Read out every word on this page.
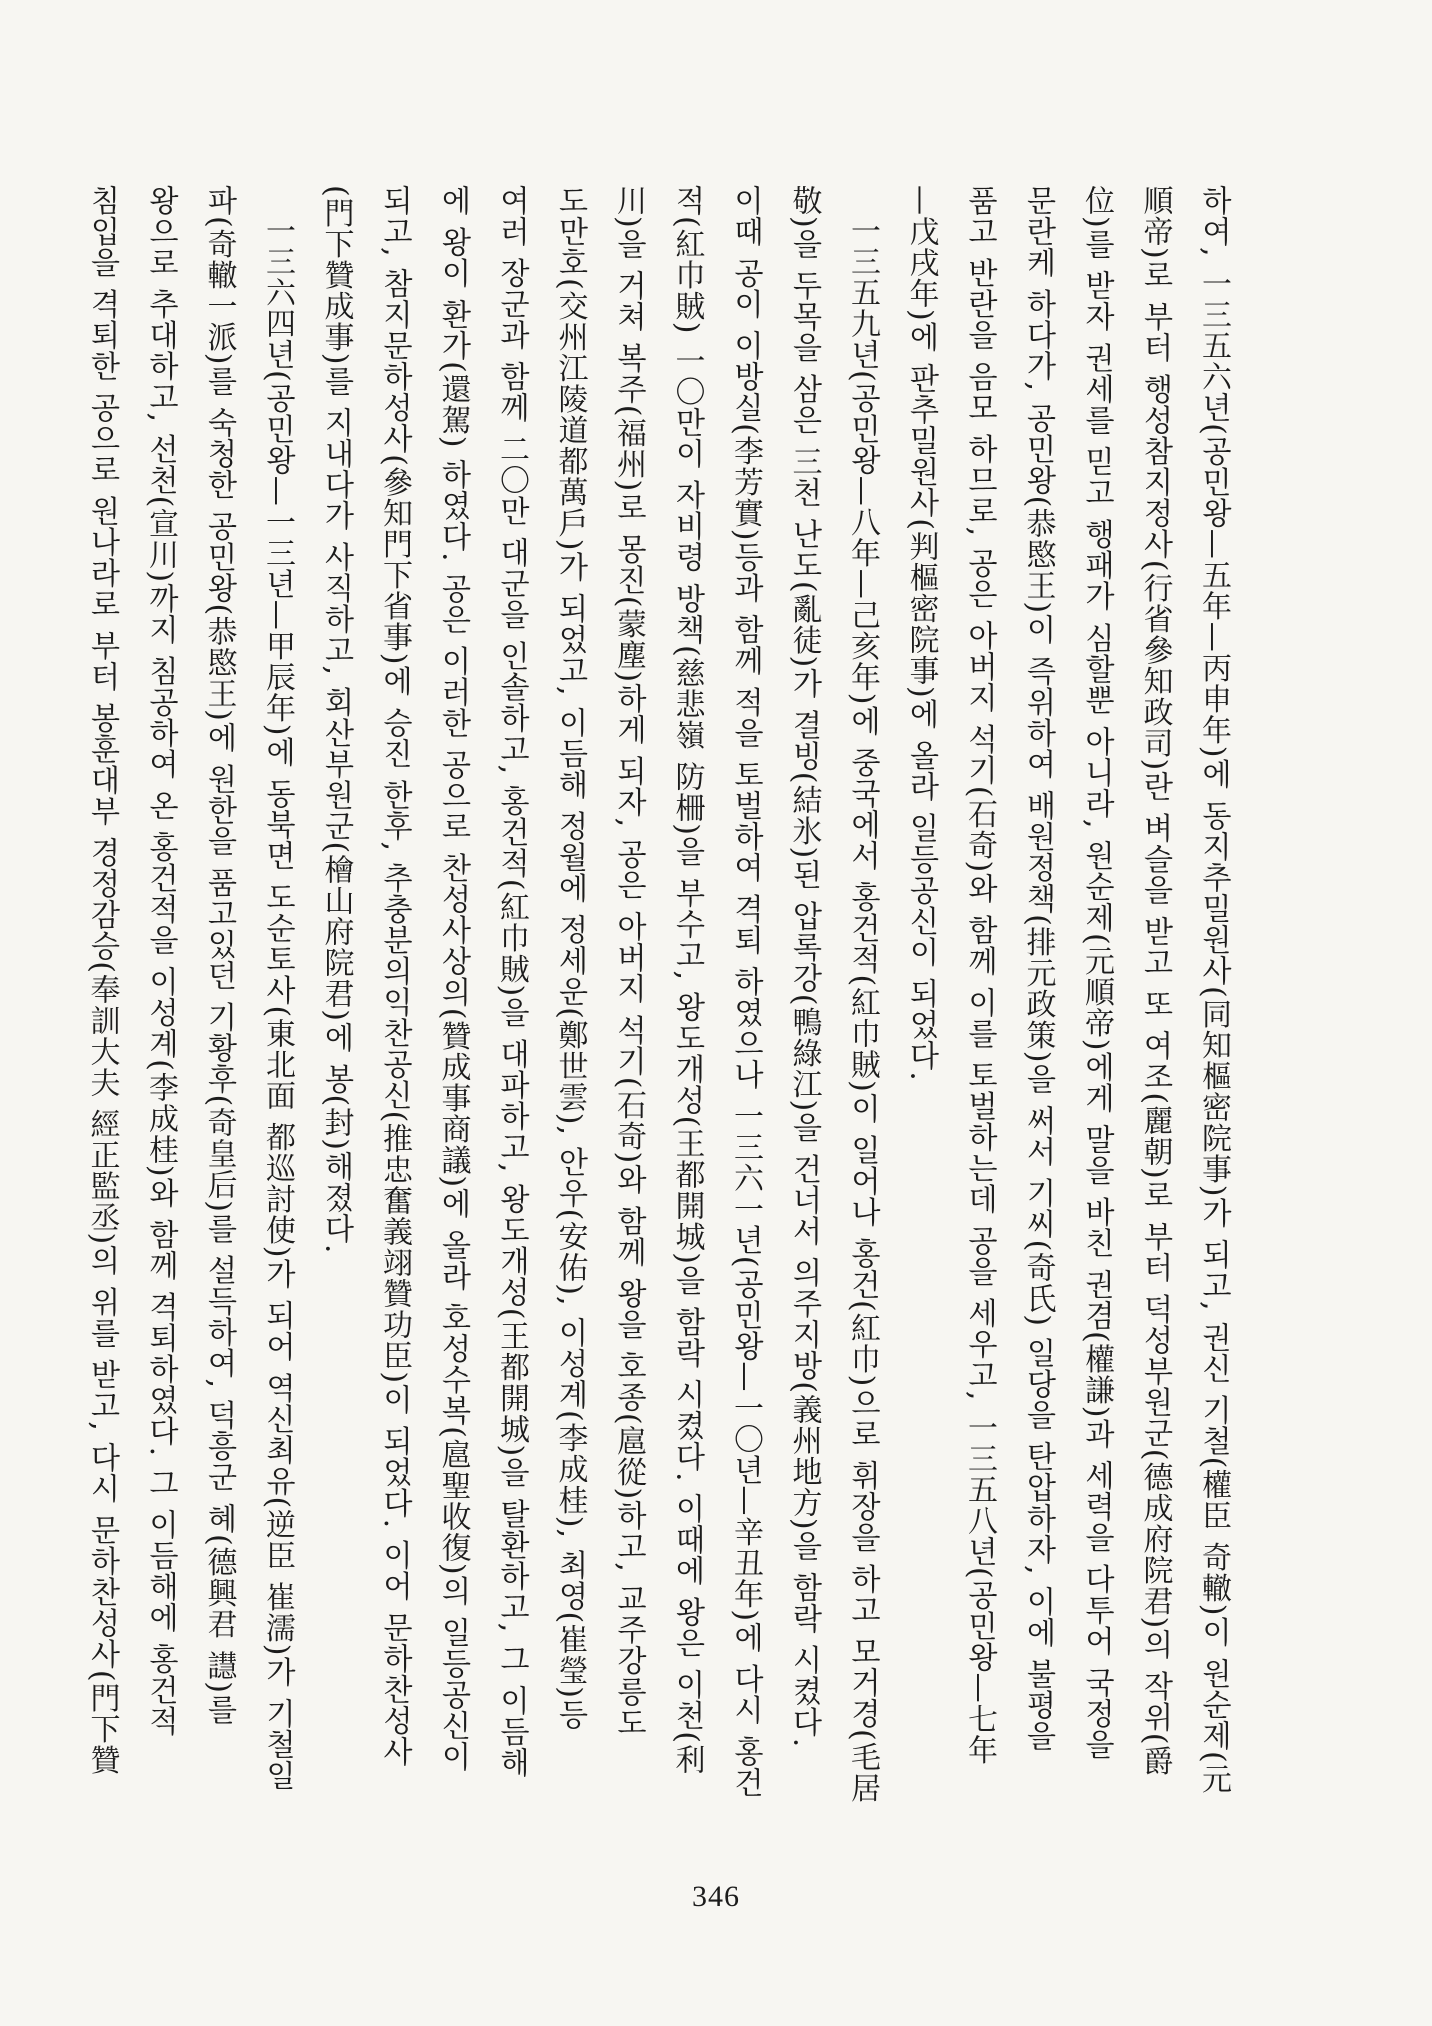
하여, 一三五六년(공민왕—五年—丙申年)에 동지추밀원사(同知樞密院事)가 되고, 권신 기철(權臣 奇轍)이 원순제(元
順帝)로 부터 행성참지정사(行省參知政司)란 벼슬을 받고 또 여조(麗朝)로 부터 덕성부원군(德成府院君)의 작위(爵
位)를 받자 권세를 믿고 행패가 심할뿐 아니라, 원순제(元順帝)에게 말을 바친 권겸(權謙)과 세력을 다투어 국정을
문란케 하다가, 공민왕(恭愍王)이 즉위하여 배원정책(排元政策)을 써서 기씨(奇氏) 일당을 탄압하자, 이에 불평을
품고 반란을 음모 하므로, 공은 아버지 석기(石奇)와 함께 이를 토벌하는데 공을 세우고, 一三五八년(공민왕—七年
—戊戌年)에 판추밀원사(判樞密院事)에 올라 일등공신이 되었다.
一三五九년(공민왕—八年—己亥年)에 중국에서 홍건적(紅巾賊)이 일어나 홍건(紅巾)으로 휘장을 하고 모거경(毛居
敬)을 두목을 삼은 三천 난도(亂徒)가 결빙(結氷)된 압록강(鴨綠江)을 건너서 의주지방(義州地方)을 함락 시켰다.
이때 공이 이방실(李芳實)등과 함께 적을 토벌하여 격퇴 하였으나 一三六一년(공민왕—一〇년—辛丑年)에 다시 홍건
적(紅巾賊) 一〇만이 자비령 방책(慈悲嶺 防柵)을 부수고, 왕도개성(王都開城)을 함락 시켰다. 이때에 왕은 이천(利
川)을 거쳐 복주(福州)로 몽진(蒙塵)하게 되자, 공은 아버지 석기(石奇)와 함께 왕을 호종(扈從)하고, 교주강릉도
도만호(交州江陵道都萬戶)가 되었고, 이듬해 정월에 정세운(鄭世雲), 안우(安佑), 이성계(李成桂), 최영(崔瑩)등
여러 장군과 함께 二〇만 대군을 인솔하고, 홍건적(紅巾賊)을 대파하고, 왕도개성(王都開城)을 탈환하고, 그 이듬해
에 왕이 환가(還駕) 하였다. 공은 이러한 공으로 찬성사상의(贊成事商議)에 올라 호성수복(扈聖收復)의 일등공신이
되고, 참지문하성사(參知門下省事)에 승진 한후, 추충분의익찬공신(推忠奮義翊贊功臣)이 되었다. 이어 문하찬성사
(門下贊成事)를 지내다가 사직하고, 회산부원군(檜山府院君)에 봉(封)해졌다.
一三六四년(공민왕—一三년—甲辰年)에 동북면 도순토사(東北面 都巡討使)가 되어 역신최유(逆臣 崔濡)가 기철일
파(奇轍一派)를 숙청한 공민왕(恭愍王)에 원한을 품고있던 기황후(奇皇后)를 설득하여, 덕흥군 혜(德興君 譿)를
왕으로 추대하고, 선천(宣川)까지 침공하여 온 홍건적을 이성계(李成桂)와 함께 격퇴하였다. 그 이듬해에 홍건적
침입을 격퇴한 공으로 원나라로 부터 봉훈대부 경정감승(奉訓大夫 經正監丞)의 위를 받고, 다시 문하찬성사(門下贊
346
